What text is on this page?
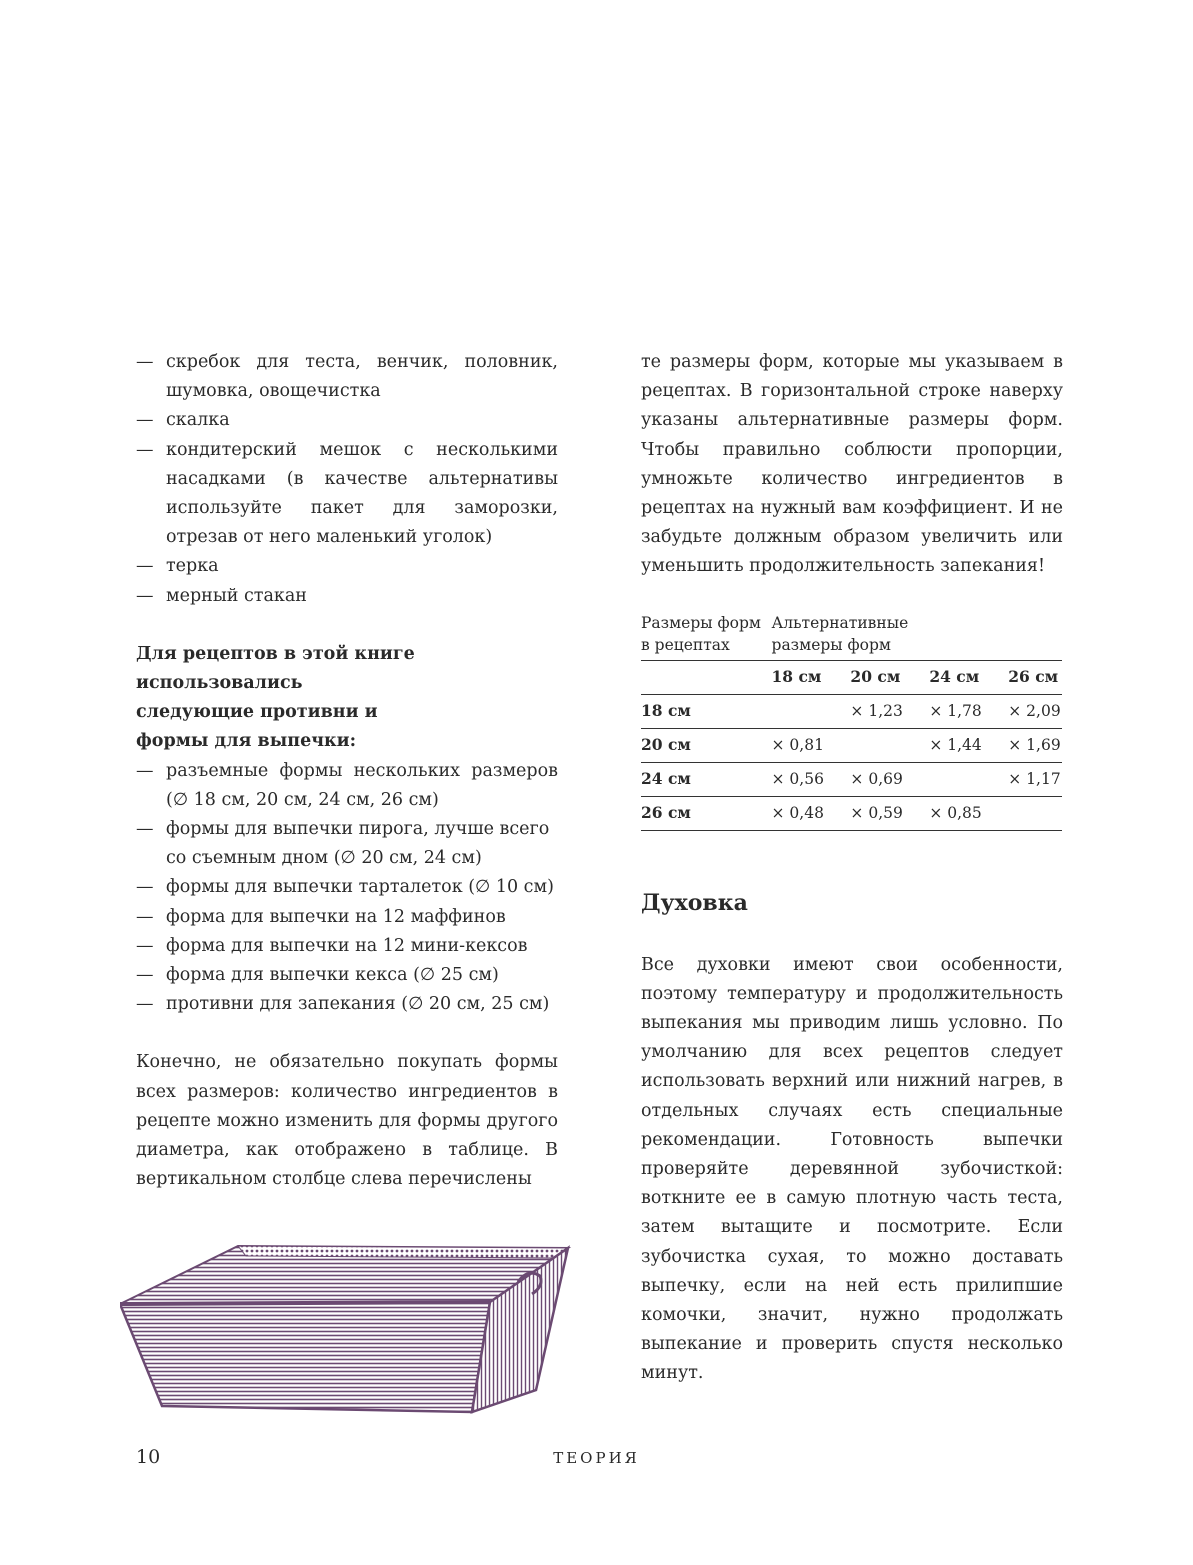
— скребок для теста, венчик, половник, шумовка, овощечистка
— скалка
— кондитерский мешок с несколькими насадками (в качестве альтернативы используйте пакет для заморозки, отрезав от него маленький уголок)
— терка
— мерный стакан
Для рецептов в этой книге использовались следующие противни и формы для выпечки:
— разъемные формы нескольких размеров (∅ 18 см, 20 см, 24 см, 26 см)
— формы для выпечки пирога, лучше всего со съемным дном (∅ 20 см, 24 см)
— формы для выпечки тарталеток (∅ 10 см)
— форма для выпечки на 12 маффинов
— форма для выпечки на 12 мини-кексов
— форма для выпечки кекса (∅ 25 см)
— противни для запекания (∅ 20 см, 25 см)

Конечно, не обязательно покупать формы всех размеров: количество ингредиентов в рецепте можно изменить для формы другого диаметра, как отображено в таблице. В вертикальном столбце слева перечислены

те размеры форм, которые мы указываем в рецептах. В горизонтальной строке наверху указаны альтернативные размеры форм. Чтобы правильно соблюсти пропорции, умножьте количество ингредиентов в рецептах на нужный вам коэффициент. И не забудьте должным образом увеличить или уменьшить продолжительность запекания!

Размеры форм в рецептах	Альтернативные размеры форм			
	18 см	20 см	24 см	26 см
18 см		× 1,23	× 1,78	× 2,09
20 см	× 0,81		× 1,44	× 1,69
24 см	× 0,56	× 0,69		× 1,17
26 см	× 0,48	× 0,59	× 0,85	
Духовка

Все духовки имеют свои особенности, поэтому температуру и продолжительность выпекания мы приводим лишь условно. По умолчанию для всех рецептов следует использовать верхний или нижний нагрев, в отдельных случаях есть специальные рекомендации. Готовность выпечки проверяйте деревянной зубочисткой: воткните ее в самую плотную часть теста, затем вытащите и посмотрите. Если зубочистка сухая, то можно доставать выпечку, если на ней есть прилипшие комочки, значит, нужно продолжать выпекание и проверить спустя несколько минут.

10	ТЕОРИЯ
